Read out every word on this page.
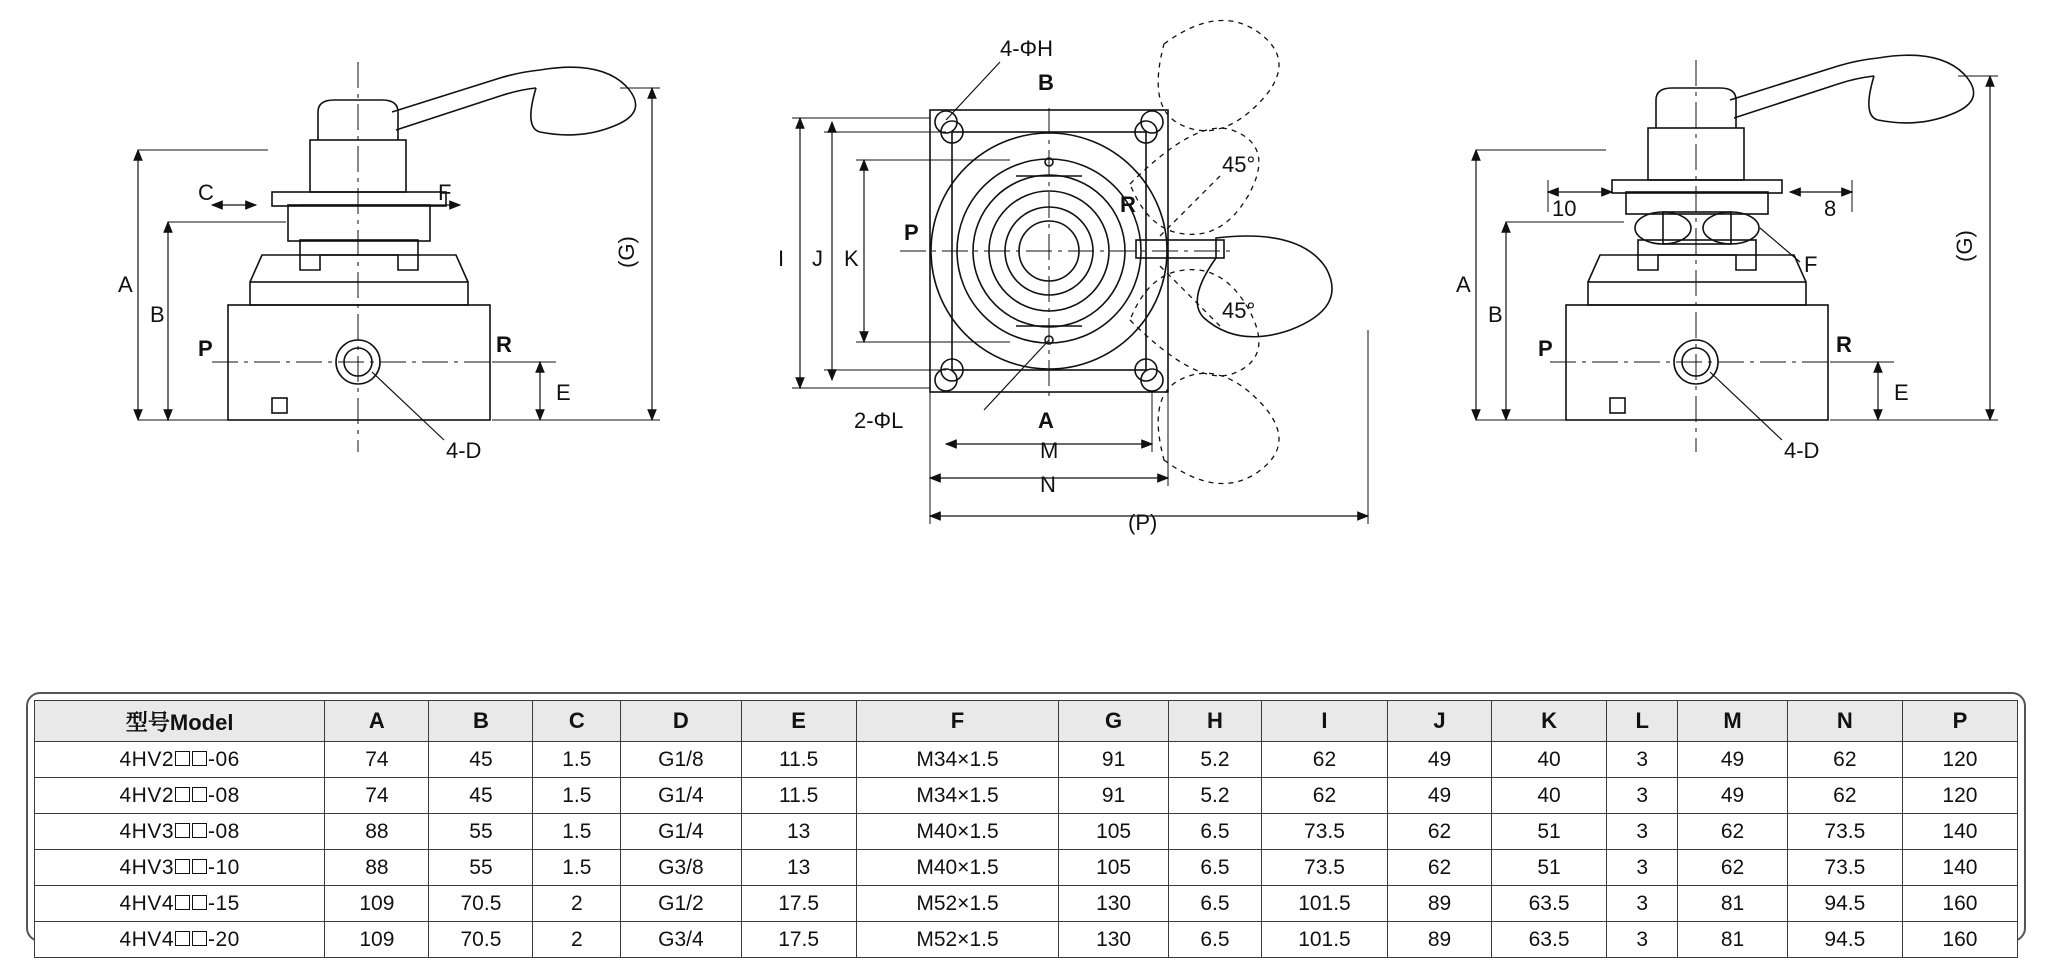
A
B
C	F
P	R
E
(G)
4-D
4-ΦH
B
45°
45°
R
P
I J K
2-ΦL	A
M
N
(P)
A
B
P	R
E
(G)
10	8
F
4-D
型号Model	A	B	C	D	E	F	G	H	I	J	K	L	M	N	P
4HV2 -06	74	45	1.5	G1/8	11.5	M34×1.5	91	5.2	62	49	40	3	49	62	120
4HV2 -08	74	45	1.5	G1/4	11.5	M34×1.5	91	5.2	62	49	40	3	49	62	120
4HV3 -08	88	55	1.5	G1/4	13	M40×1.5	105	6.5	73.5	62	51	3	62	73.5	140
4HV3 -10	88	55	1.5	G3/8	13	M40×1.5	105	6.5	73.5	62	51	3	62	73.5	140
4HV4 -15	109	70.5	2	G1/2	17.5	M52×1.5	130	6.5	101.5	89	63.5	3	81	94.5	160
4HV4 -20	109	70.5	2	G3/4	17.5	M52×1.5	130	6.5	101.5	89	63.5	3	81	94.5	160
